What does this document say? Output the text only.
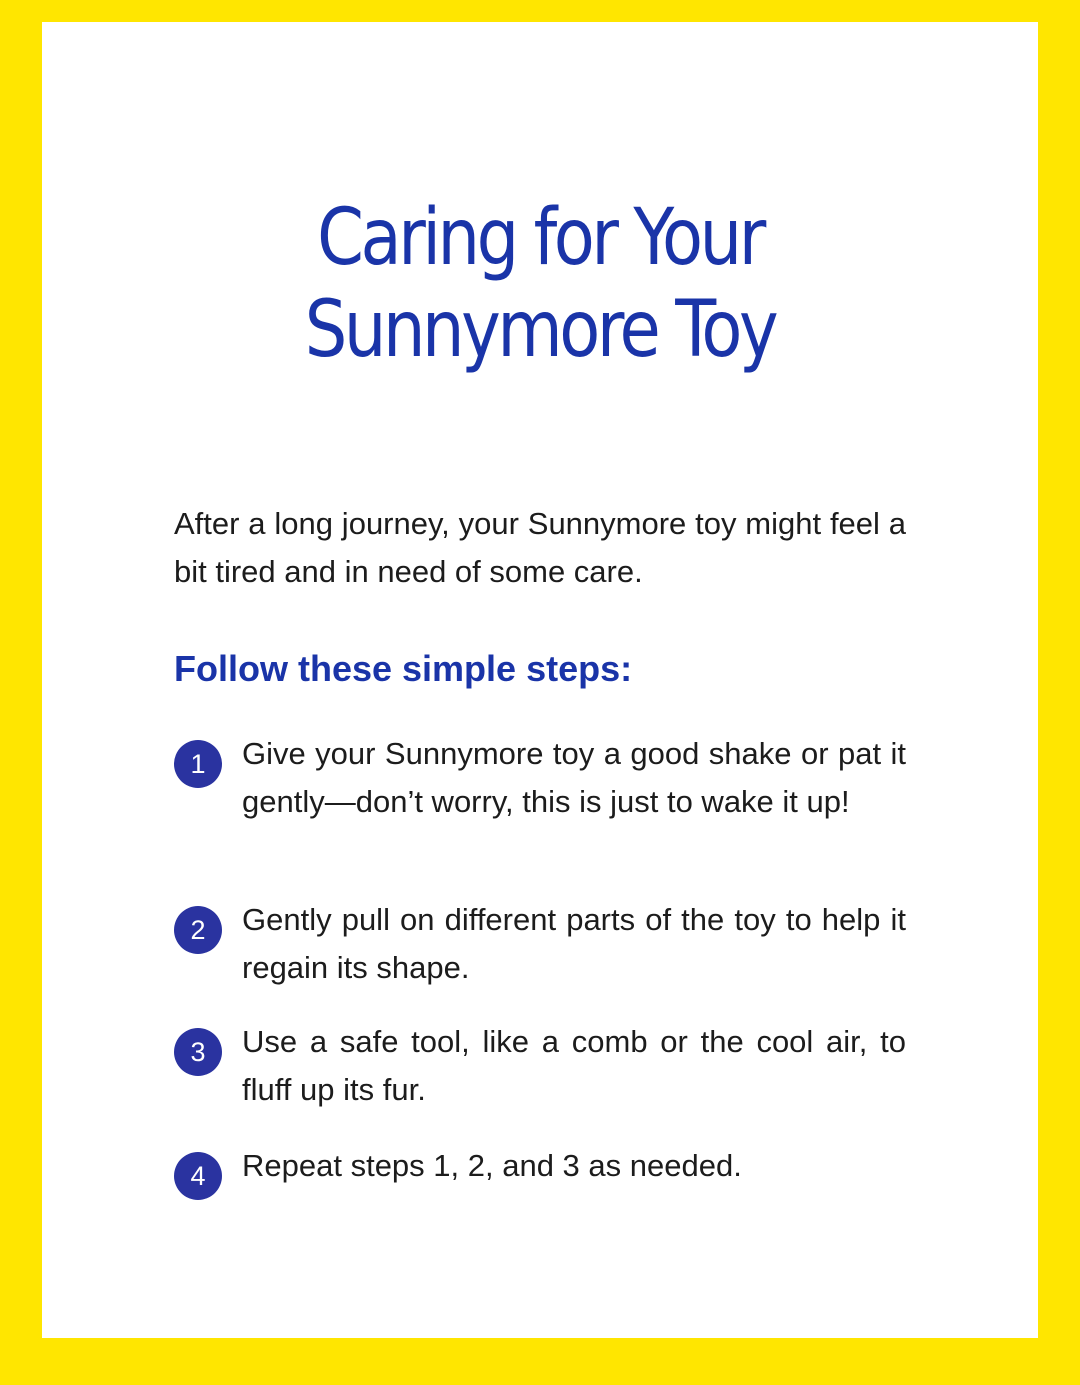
Caring for Your
Sunnymore Toy

After a long journey, your Sunnymore toy might feel a bit tired and in need of some care.

Follow these simple steps:
1	Give your Sunnymore toy a good shake or pat it gently—don’t worry, this is just to wake it up!
2	Gently pull on different parts of the toy to help it regain its shape.
3	Use a safe tool, like a comb or the cool air, to fluff up its fur.
4	Repeat steps 1, 2, and 3 as needed.
